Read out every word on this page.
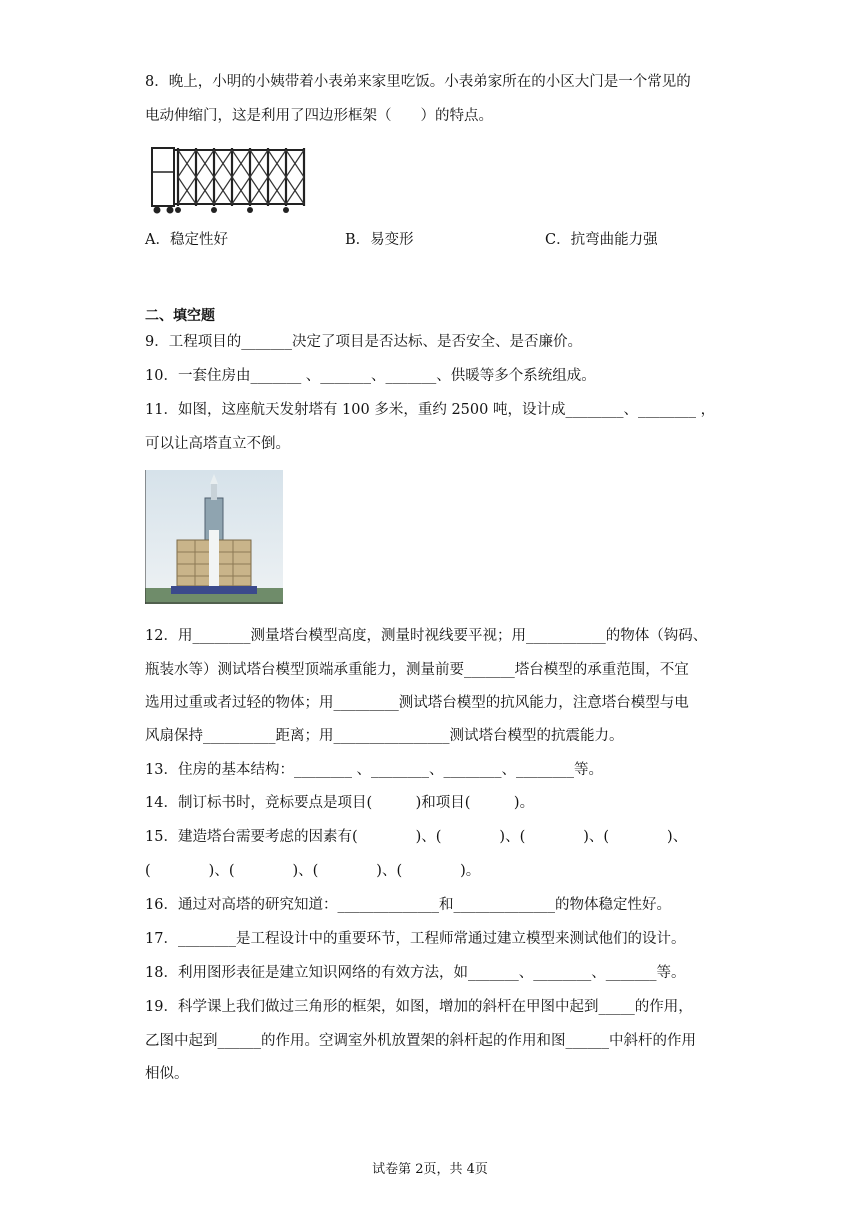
8．晚上，小明的小姨带着小表弟来家里吃饭。小表弟家所在的小区大门是一个常见的
电动伸缩门，这是利用了四边形框架（　　）的特点。
A．稳定性好	B．易变形	C．抗弯曲能力强
二、填空题
9．工程项目的_______决定了项目是否达标、是否安全、是否廉价。
10．一套住房由_______ 、_______、_______、供暖等多个系统组成。
11．如图，这座航天发射塔有 100 多米，重约 2500 吨，设计成________、________ ，
可以让高塔直立不倒。
12．用________测量塔台模型高度，测量时视线要平视；用___________的物体（钩码、
瓶装水等）测试塔台模型顶端承重能力，测量前要_______塔台模型的承重范围，不宜
选用过重或者过轻的物体；用_________测试塔台模型的抗风能力，注意塔台模型与电
风扇保持__________距离；用________________测试塔台模型的抗震能力。
13．住房的基本结构：________ 、________、________、________等。
14．制订标书时，竞标要点是项目(　　　)和项目(　　　)。
15．建造塔台需要考虑的因素有(　　　　)、(　　　　)、(　　　　)、(　　　　)、
(　　　　)、(　　　　)、(　　　　)、(　　　　)。
16．通过对高塔的研究知道：______________和______________的物体稳定性好。
17．________是工程设计中的重要环节，工程师常通过建立模型来测试他们的设计。
18．利用图形表征是建立知识网络的有效方法，如_______、________、_______等。
19．科学课上我们做过三角形的框架，如图，增加的斜杆在甲图中起到_____的作用，
乙图中起到______的作用。空调室外机放置架的斜杆起的作用和图______中斜杆的作用
相似。
试卷第 2页，共 4页
